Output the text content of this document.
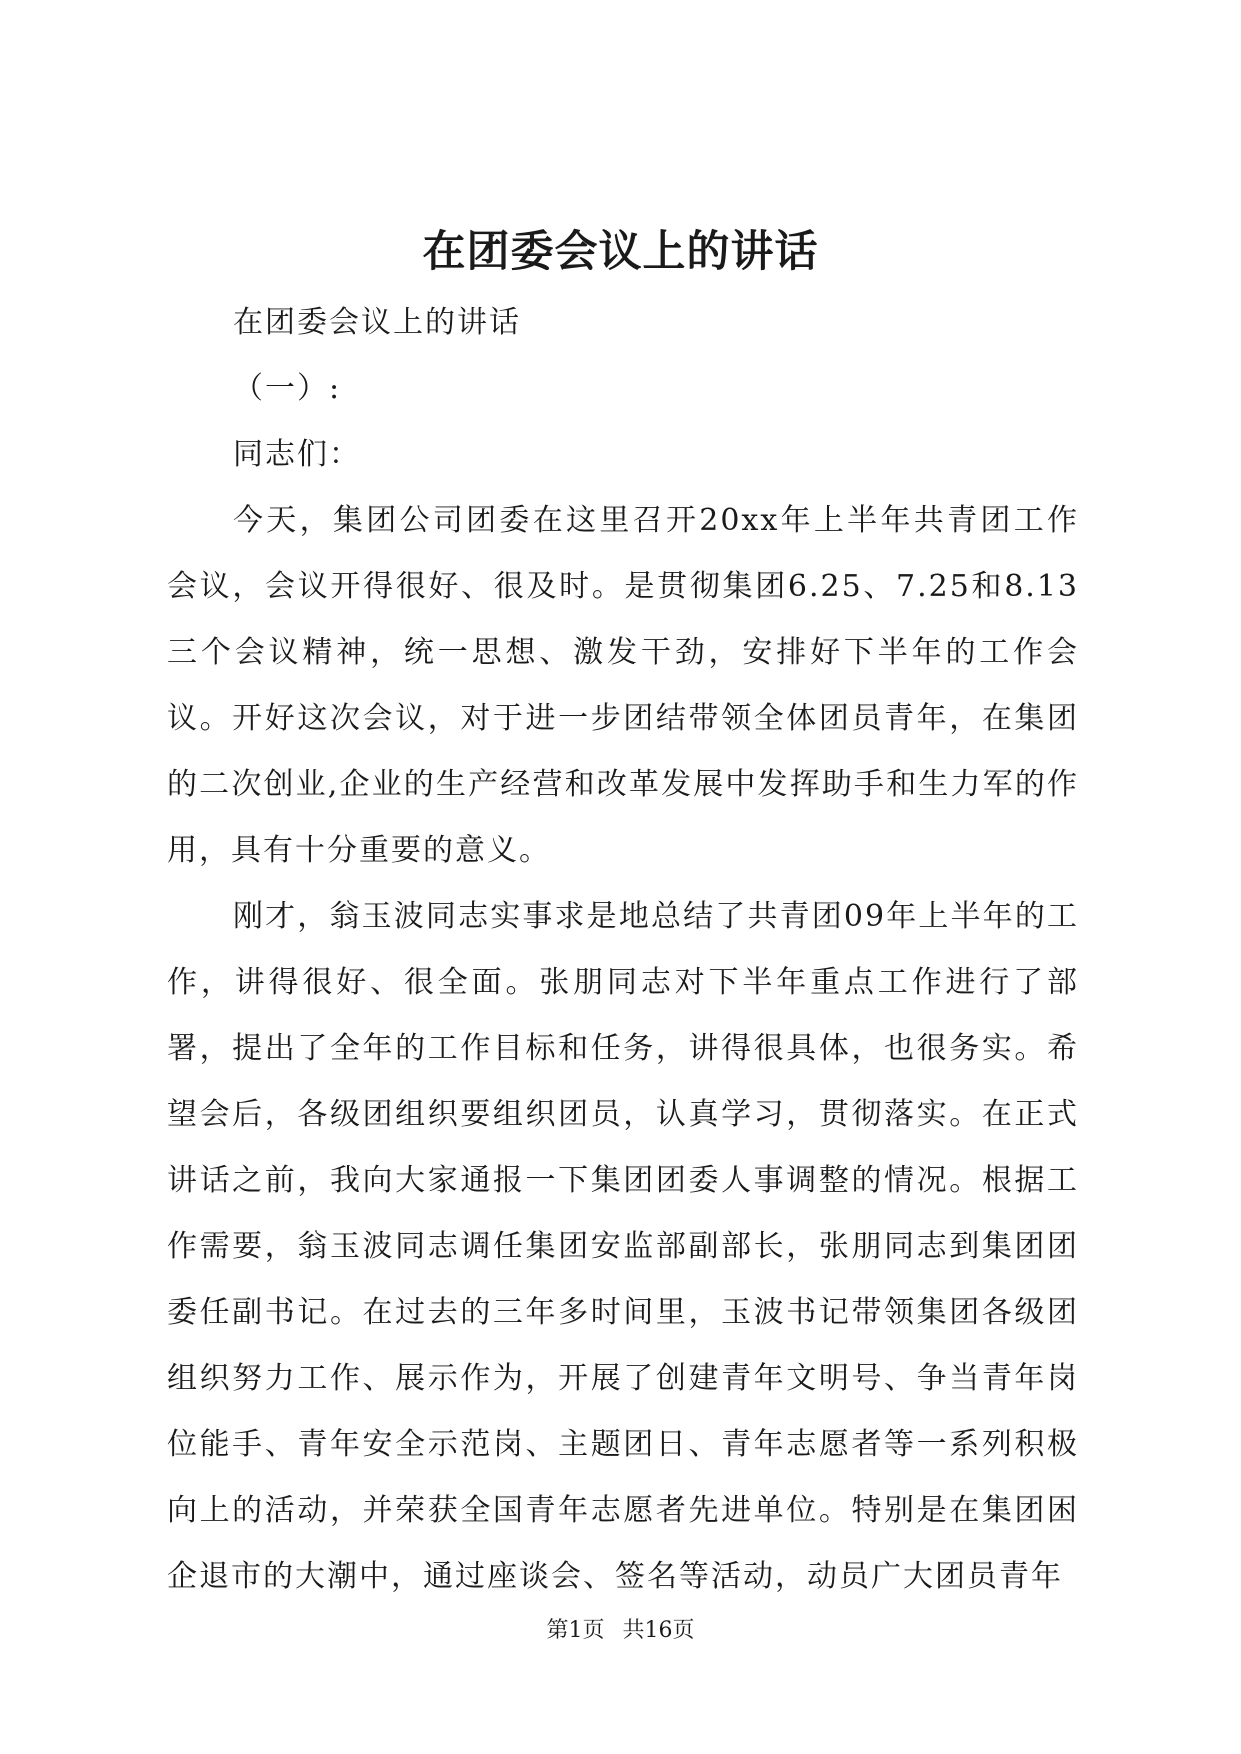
在团委会议上的讲话

在团委会议上的讲话

（一）:

同志们：

今天，集团公司团委在这里召开20xx年上半年共青团工作会议，会议开得很好、很及时。是贯彻集团6.25、7.25和8.13三个会议精神，统一思想、激发干劲，安排好下半年的工作会议。开好这次会议，对于进一步团结带领全体团员青年，在集团的二次创业,企业的生产经营和改革发展中发挥助手和生力军的作用，具有十分重要的意义。

刚才，翁玉波同志实事求是地总结了共青团09年上半年的工作，讲得很好、很全面。张朋同志对下半年重点工作进行了部署，提出了全年的工作目标和任务，讲得很具体，也很务实。希望会后，各级团组织要组织团员，认真学习，贯彻落实。在正式讲话之前，我向大家通报一下集团团委人事调整的情况。根据工作需要，翁玉波同志调任集团安监部副部长，张朋同志到集团团委任副书记。在过去的三年多时间里，玉波书记带领集团各级团组织努力工作、展示作为，开展了创建青年文明号、争当青年岗位能手、青年安全示范岗、主题团日、青年志愿者等一系列积极向上的活动，并荣获全国青年志愿者先进单位。特别是在集团困企退市的大潮中，通过座谈会、签名等活动，动员广大团员青年

第1页 共16页
